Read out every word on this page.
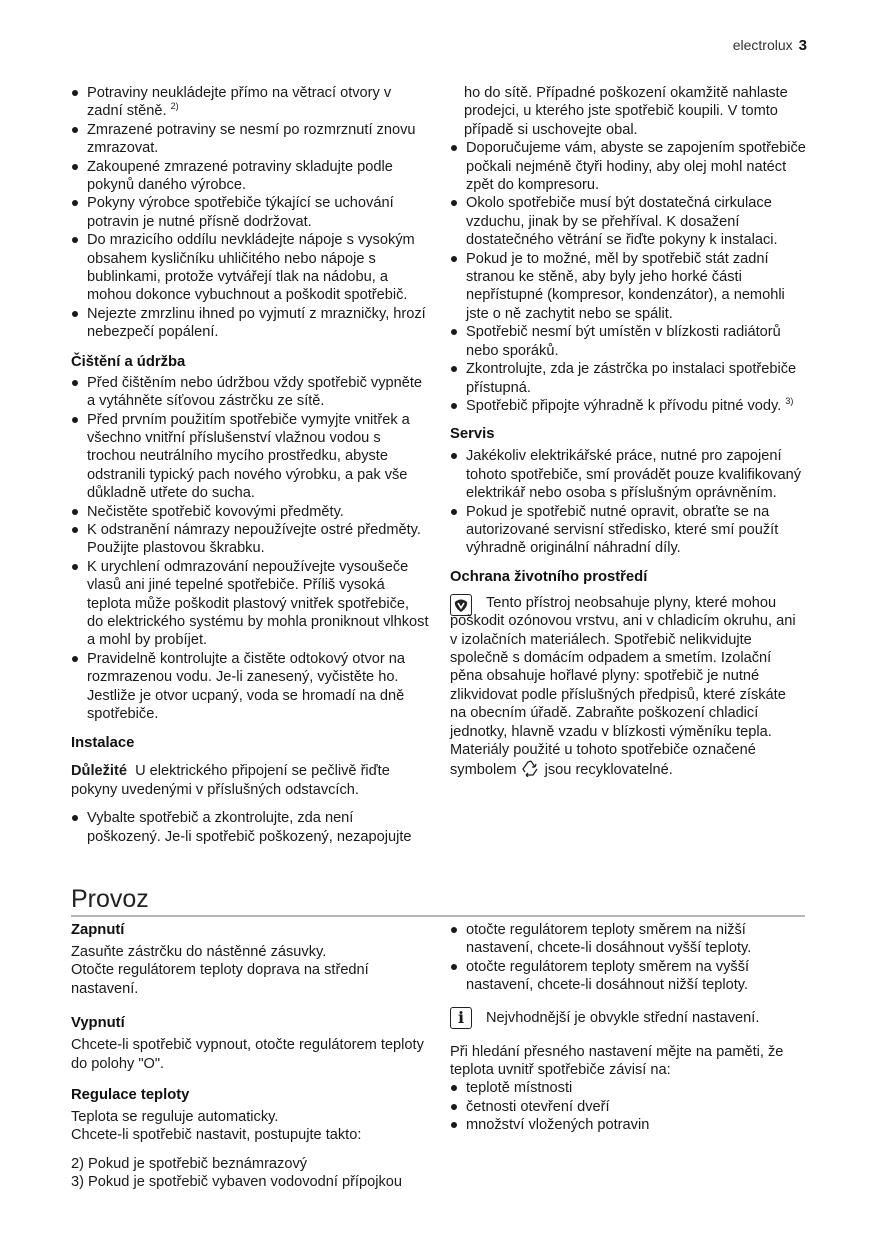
electrolux 3
Potraviny neukládejte přímo na větrací otvory v zadní stěně. $^{2)}$
Zmrazené potraviny se nesmí po rozmrznutí znovu zmrazovat.
Zakoupené zmrazené potraviny skladujte podle pokynů daného výrobce.
Pokyny výrobce spotřebiče týkající se uchování potravin je nutné přísně dodržovat.
Do mrazicího oddílu nevkládejte nápoje s vysokým obsahem kysličníku uhličitého nebo nápoje s bublinkami, protože vytvářejí tlak na nádobu, a mohou dokonce vybuchnout a poškodit spotřebič.
Nejezte zmrzlinu ihned po vyjmutí z mrazničky, hrozí nebezpečí popálení.
Čištění a údržba
Před čištěním nebo údržbou vždy spotřebič vypněte a vytáhněte síťovou zástrčku ze sítě.
Před prvním použitím spotřebiče vymyjte vnitřek a všechno vnitřní příslušenství vlažnou vodou s trochou neutrálního mycího prostředku, abyste odstranili typický pach nového výrobku, a pak vše důkladně utřete do sucha.
Nečistěte spotřebič kovovými předměty.
K odstranění námrazy nepoužívejte ostré předměty. Použijte plastovou škrabku.
K urychlení odmrazování nepoužívejte vysoušeče vlasů ani jiné tepelné spotřebiče. Příliš vysoká teplota může poškodit plastový vnitřek spotřebiče, do elektrického systému by mohla proniknout vlhkost a mohl by probíjet.
Pravidelně kontrolujte a čistěte odtokový otvor na rozmrazenou vodu. Je-li zanesený, vyčistěte ho. Jestliže je otvor ucpaný, voda se hromadí na dně spotřebiče.
Instalace

Důležité U elektrického připojení se pečlivě řiďte pokyny uvedenými v příslušných odstavcích.

Vybalte spotřebič a zkontrolujte, zda není poškozený. Je-li spotřebič poškozený, nezapojujte

ho do sítě. Případné poškození okamžitě nahlaste prodejci, u kterého jste spotřebič koupili. V tomto případě si uschovejte obal.

Doporučujeme vám, abyste se zapojením spotřebiče počkali nejméně čtyři hodiny, aby olej mohl natéct zpět do kompresoru.
Okolo spotřebiče musí být dostatečná cirkulace vzduchu, jinak by se přehříval. K dosažení dostatečného větrání se řiďte pokyny k instalaci.
Pokud je to možné, měl by spotřebič stát zadní stranou ke stěně, aby byly jeho horké části nepřístupné (kompresor, kondenzátor), a nemohli jste o ně zachytit nebo se spálit.
Spotřebič nesmí být umístěn v blízkosti radiátorů nebo sporáků.
Zkontrolujte, zda je zástrčka po instalaci spotřebiče přístupná.
Spotřebič připojte výhradně k přívodu pitné vody. $^{3)}$
Servis
Jakékoliv elektrikářské práce, nutné pro zapojení tohoto spotřebiče, smí provádět pouze kvalifikovaný elektrikář nebo osoba s příslušným oprávněním.
Pokud je spotřebič nutné opravit, obraťte se na autorizované servisní středisko, které smí použít výhradně originální náhradní díly.
Ochrana životního prostředí

Tento přístroj neobsahuje plyny, které mohou poškodit ozónovou vrstvu, ani v chladicím okruhu, ani v izolačních materiálech. Spotřebič nelikvidujte společně s domácím odpadem a smetím. Izolační pěna obsahuje hořlavé plyny: spotřebič je nutné zlikvidovat podle příslušných předpisů, které získáte na obecním úřadě. Zabraňte poškození chladicí jednotky, hlavně vzadu v blízkosti výměníku tepla. Materiály použité u tohoto spotřebiče označené symbolem jsou recyklovatelné.

Provoz
Zapnutí

Zasuňte zástrčku do nástěnné zásuvky.

Otočte regulátorem teploty doprava na střední nastavení.

Vypnutí

Chcete-li spotřebič vypnout, otočte regulátorem teploty do polohy "O".

Regulace teploty

Teplota se reguluje automaticky.

Chcete-li spotřebič nastavit, postupujte takto:

2) Pokud je spotřebič beznámrazový

3) Pokud je spotřebič vybaven vodovodní přípojkou

otočte regulátorem teploty směrem na nižší nastavení, chcete-li dosáhnout vyšší teploty.
otočte regulátorem teploty směrem na vyšší nastavení, chcete-li dosáhnout nižší teploty.
i	Nejvhodnější je obvykle střední nastavení.

Při hledání přesného nastavení mějte na paměti, že teplota uvnitř spotřebiče závisí na:

teplotě místnosti
četnosti otevření dveří
množství vložených potravin
